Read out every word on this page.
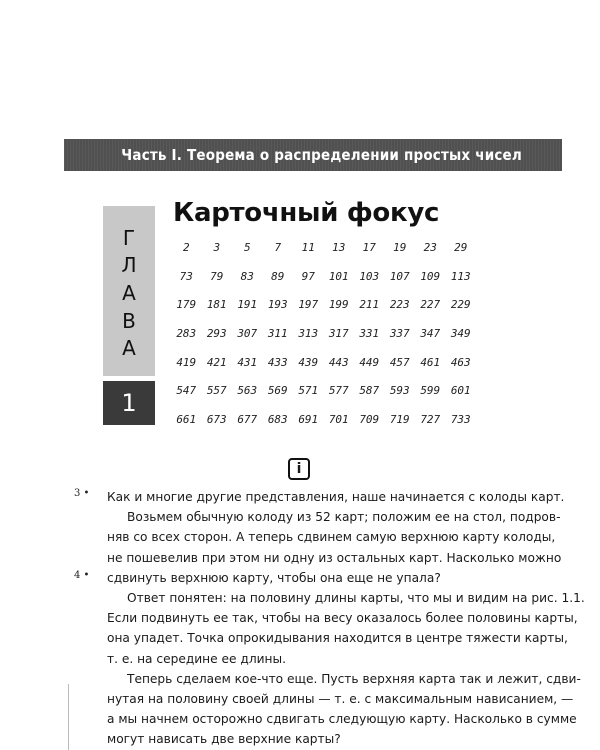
Часть I. Теорема о распределении простых чисел
Г
Л
А
В
А
1
Карточный фокус
2	3	5	7	11	13	17	19	23	29
73	79	83	89	97	101 103 107 109 113
179 181 191 193 197 199 211 223 227 229
283 293 307 311 313 317 331 337 347 349
419 421 431 433 439 443 449 457 461 463
547 557 563 569 571 577 587 593 599 601
661 673 677 683 691 701 709 719 727 733
i
3 •
4 •
Как и многие другие представления, наше начинается с колоды карт.
Возьмем обычную колоду из 52 карт; положим ее на стол, подров-
няв со всех сторон. А теперь сдвинем самую верхнюю карту колоды,
не пошевелив при этом ни одну из остальных карт. Насколько можно
сдвинуть верхнюю карту, чтобы она еще не упала?
Ответ понятен: на половину длины карты, что мы и видим на рис. 1.1.
Если подвинуть ее так, чтобы на весу оказалось более половины карты,
она упадет. Точка опрокидывания находится в центре тяжести карты,
т. е. на середине ее длины.
Теперь сделаем кое-что еще. Пусть верхняя карта так и лежит, сдви-
нутая на половину своей длины — т. е. с максимальным нависанием, —
а мы начнем осторожно сдвигать следующую карту. Насколько в сумме
могут нависать две верхние карты?
